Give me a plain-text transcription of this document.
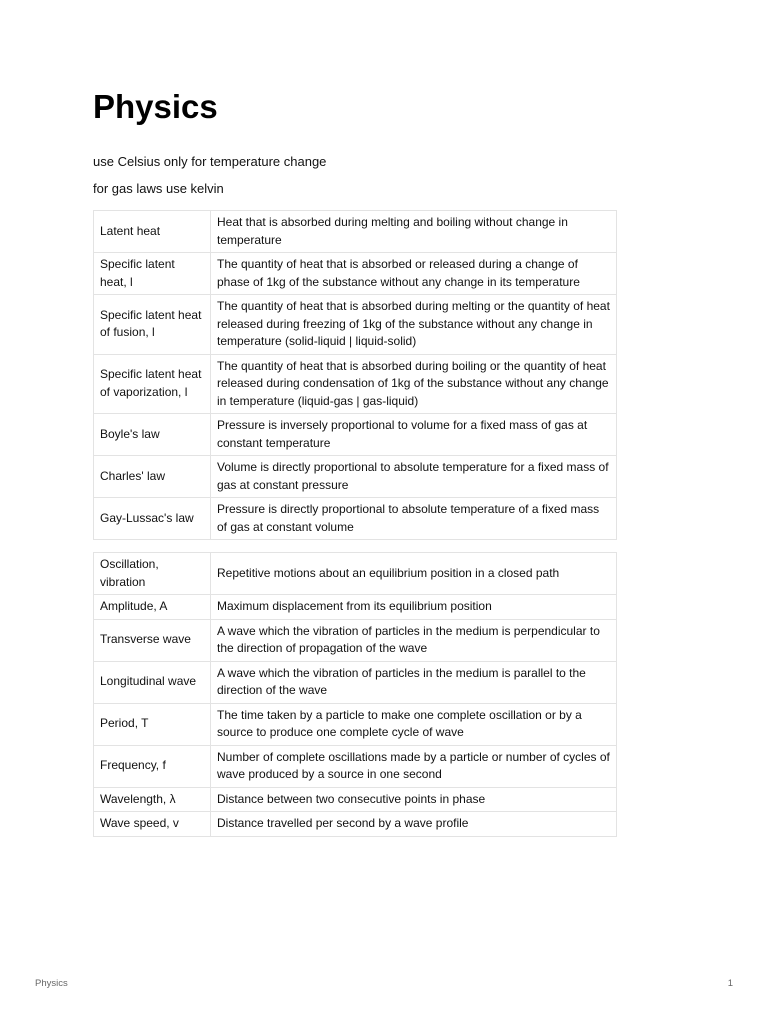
Physics

use Celsius only for temperature change

for gas laws use kelvin

Latent heat	Heat that is absorbed during melting and boiling without change in temperature
Specific latent heat, l	The quantity of heat that is absorbed or released during a change of phase of 1kg of the substance without any change in its temperature
Specific latent heat of fusion, l	The quantity of heat that is absorbed during melting or the quantity of heat released during freezing of 1kg of the substance without any change in temperature (solid-liquid | liquid-solid)
Specific latent heat of vaporization, l	The quantity of heat that is absorbed during boiling or the quantity of heat released during condensation of 1kg of the substance without any change in temperature (liquid-gas | gas-liquid)
Boyle's law	Pressure is inversely proportional to volume for a fixed mass of gas at constant temperature
Charles' law	Volume is directly proportional to absolute temperature for a fixed mass of gas at constant pressure
Gay-Lussac's law	Pressure is directly proportional to absolute temperature of a fixed mass of gas at constant volume
Oscillation, vibration	Repetitive motions about an equilibrium position in a closed path
Amplitude, A	Maximum displacement from its equilibrium position
Transverse wave	A wave which the vibration of particles in the medium is perpendicular to the direction of propagation of the wave
Longitudinal wave	A wave which the vibration of particles in the medium is parallel to the direction of the wave
Period, T	The time taken by a particle to make one complete oscillation or by a source to produce one complete cycle of wave
Frequency, f	Number of complete oscillations made by a particle or number of cycles of wave produced by a source in one second
Wavelength, λ	Distance between two consecutive points in phase
Wave speed, v	Distance travelled per second by a wave profile
Physics	1
